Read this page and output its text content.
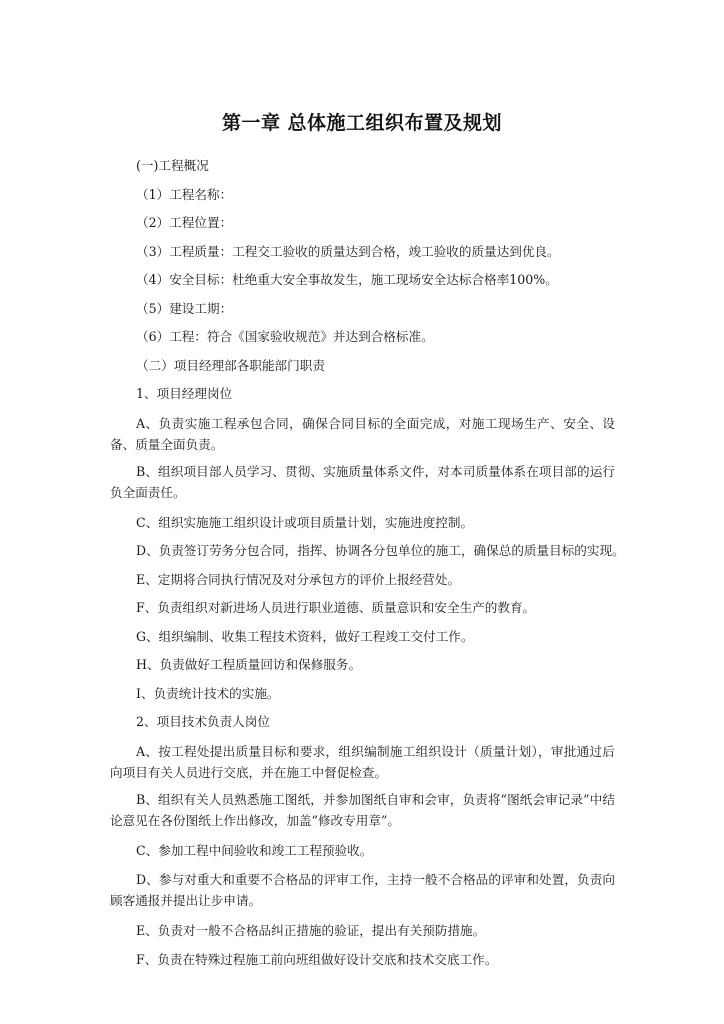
第一章 总体施工组织布置及规划
(一)工程概况
（1）工程名称：
（2）工程位置：
（3）工程质量：工程交工验收的质量达到合格，竣工验收的质量达到优良。
（4）安全目标：杜绝重大安全事故发生，施工现场安全达标合格率100%。
（5）建设工期：
（6）工程：符合《国家验收规范》并达到合格标准。
（二）项目经理部各职能部门职责
1、项目经理岗位
A、负责实施工程承包合同，确保合同目标的全面完成，对施工现场生产、安全、设备、质量全面负责。
B、组织项目部人员学习、贯彻、实施质量体系文件，对本司质量体系在项目部的运行负全面责任。
C、组织实施施工组织设计或项目质量计划，实施进度控制。
D、负责签订劳务分包合同，指挥、协调各分包单位的施工，确保总的质量目标的实现。
E、定期将合同执行情况及对分承包方的评价上报经营处。
F、负责组织对新进场人员进行职业道德、质量意识和安全生产的教育。
G、组织编制、收集工程技术资料，做好工程竣工交付工作。
H、负责做好工程质量回访和保修服务。
I、负责统计技术的实施。
2、项目技术负责人岗位
A、按工程处提出质量目标和要求，组织编制施工组织设计（质量计划），审批通过后向项目有关人员进行交底，并在施工中督促检查。
B、组织有关人员熟悉施工图纸，并参加图纸自审和会审，负责将“图纸会审记录”中结论意见在各份图纸上作出修改，加盖“修改专用章”。
C、参加工程中间验收和竣工工程预验收。
D、参与对重大和重要不合格品的评审工作，主持一般不合格品的评审和处置，负责向顾客通报并提出让步申请。
E、负责对一般不合格品纠正措施的验证，提出有关预防措施。
F、负责在特殊过程施工前向班组做好设计交底和技术交底工作。
